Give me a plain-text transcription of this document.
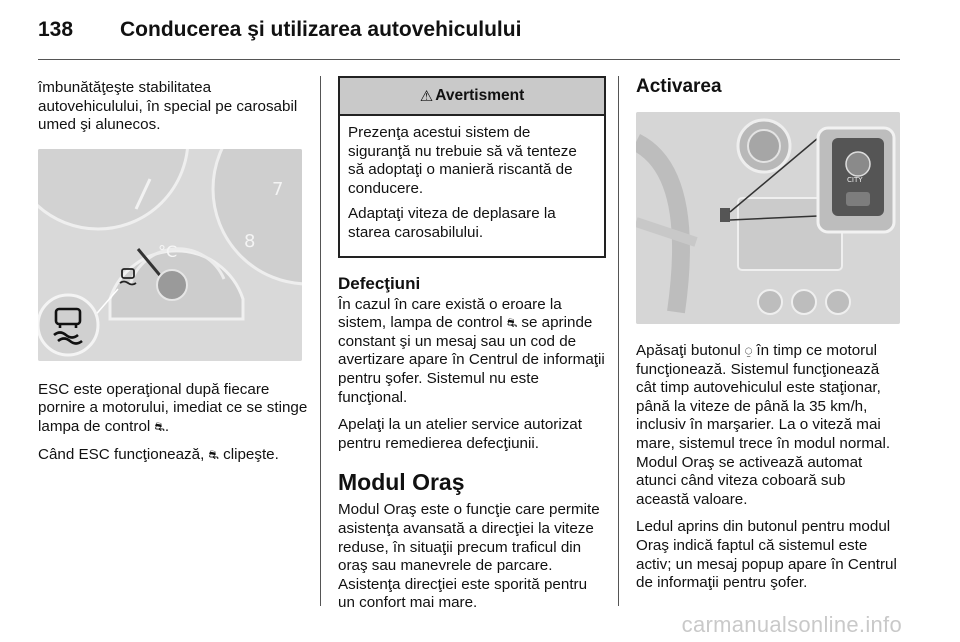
138 Conducerea şi utilizarea autovehiculului

îmbunătăţeşte stabilitatea autovehiculului, în special pe carosabil umed şi alunecos.

7
8
°C

ESC este operaţional după fiecare pornire a motorului, imediat ce se stinge lampa de control ⛐.

Când ESC funcţionează, ⛐ clipeşte.

⚠ Avertisment

Prezenţa acestui sistem de siguranţă nu trebuie să vă tenteze să adoptaţi o manieră riscantă de conducere.

Adaptaţi viteza de deplasare la starea carosabilului.

Defecţiuni

În cazul în care există o eroare la sistem, lampa de control ⛐ se aprinde constant şi un mesaj sau un cod de avertizare apare în Centrul de informaţii pentru şofer. Sistemul nu este funcţional.

Apelaţi la un atelier service autorizat pentru remedierea defecţiunii.

Modul Oraş

Modul Oraş este o funcţie care permite asistenţa avansată a direcţiei la viteze reduse, în situaţii precum traficul din oraş sau manevrele de parcare. Asistenţa direcţiei este sporită pentru un confort mai mare.

Activarea
CITY

Apăsaţi butonul ⍜ în timp ce motorul funcţionează. Sistemul funcţionează cât timp autovehiculul este staţionar, până la viteze de până la 35 km/h, inclusiv în marşarier. La o viteză mai mare, sistemul trece în modul normal. Modul Oraş se activează automat atunci când viteza coboară sub această valoare.

Ledul aprins din butonul pentru modul Oraş indică faptul că sistemul este activ; un mesaj popup apare în Centrul de informaţii pentru şofer.

carmanualsonline.info
